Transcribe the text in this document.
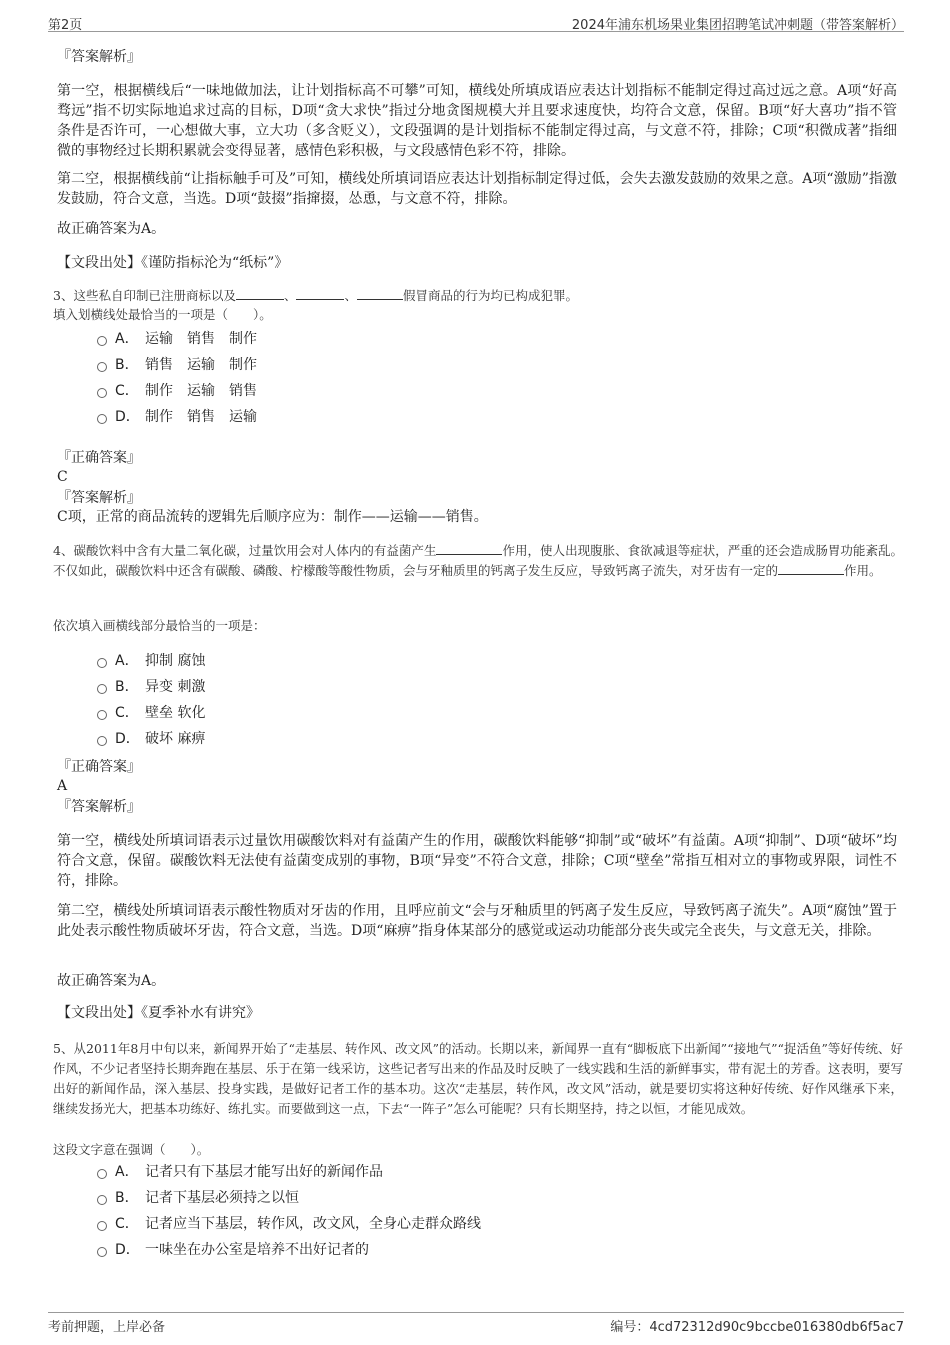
第2页	2024年浦东机场果业集团招聘笔试冲刺题（带答案解析）
『答案解析』
第一空，根据横线后“一味地做加法，让计划指标高不可攀”可知，横线处所填成语应表达计划指标不能制定得过高过远之意。A项“好高骛远”指不切实际地追求过高的目标，D项“贪大求快”指过分地贪图规模大并且要求速度快，均符合文意，保留。B项“好大喜功”指不管条件是否许可，一心想做大事，立大功（多含贬义），文段强调的是计划指标不能制定得过高，与文意不符，排除；C项“积微成著”指细微的事物经过长期积累就会变得显著，感情色彩积极，与文段感情色彩不符，排除。
第二空，根据横线前“让指标触手可及”可知，横线处所填词语应表达计划指标制定得过低，会失去激发鼓励的效果之意。A项“激励”指激发鼓励，符合文意，当选。D项“鼓掇”指撺掇，怂恿，与文意不符，排除。
故正确答案为A。
【文段出处】《谨防指标沦为“纸标”》
3、这些私自印制已注册商标以及	、	、	假冒商品的行为均已构成犯罪。
填入划横线处最恰当的一项是（　　）。
A． 运输　销售　制作
B． 销售　运输　制作
C． 制作　运输　销售
D． 制作　销售　运输
『正确答案』
C
『答案解析』
C项，正常的商品流转的逻辑先后顺序应为：制作——运输——销售。
4、碳酸饮料中含有大量二氧化碳，过量饮用会对人体内的有益菌产生	作用，使人出现腹胀、食欲减退等症状，严重的还会造成肠胃功能紊乱。不仅如此，碳酸饮料中还含有碳酸、磷酸、柠檬酸等酸性物质，会与牙釉质里的钙离子发生反应，导致钙离子流失，对牙齿有一定的	作用。
依次填入画横线部分最恰当的一项是：
A． 抑制 腐蚀
B． 异变 刺激
C． 壁垒 软化
D． 破坏 麻痹
『正确答案』
A
『答案解析』
第一空，横线处所填词语表示过量饮用碳酸饮料对有益菌产生的作用，碳酸饮料能够“抑制”或“破坏”有益菌。A项“抑制”、D项“破坏”均符合文意，保留。碳酸饮料无法使有益菌变成别的事物，B项“异变”不符合文意，排除；C项“壁垒”常指互相对立的事物或界限，词性不符，排除。
第二空，横线处所填词语表示酸性物质对牙齿的作用，且呼应前文“会与牙釉质里的钙离子发生反应，导致钙离子流失”。A项“腐蚀”置于此处表示酸性物质破坏牙齿，符合文意，当选。D项“麻痹”指身体某部分的感觉或运动功能部分丧失或完全丧失，与文意无关，排除。
故正确答案为A。
【文段出处】《夏季补水有讲究》
5、从2011年8月中旬以来，新闻界开始了“走基层、转作风、改文风”的活动。长期以来，新闻界一直有“脚板底下出新闻”“接地气”“捉活鱼”等好传统、好作风，不少记者坚持长期奔跑在基层、乐于在第一线采访，这些记者写出来的作品及时反映了一线实践和生活的新鲜事实，带有泥土的芳香。这表明，要写出好的新闻作品，深入基层、投身实践，是做好记者工作的基本功。这次“走基层，转作风，改文风”活动，就是要切实将这种好传统、好作风继承下来，继续发扬光大，把基本功练好、练扎实。而要做到这一点，下去“一阵子”怎么可能呢？只有长期坚持，持之以恒，才能见成效。
这段文字意在强调（　　）。
A． 记者只有下基层才能写出好的新闻作品
B． 记者下基层必须持之以恒
C． 记者应当下基层，转作风，改文风，全身心走群众路线
D． 一味坐在办公室是培养不出好记者的
考前押题，上岸必备	编号：4cd72312d90c9bccbe016380db6f5ac7
